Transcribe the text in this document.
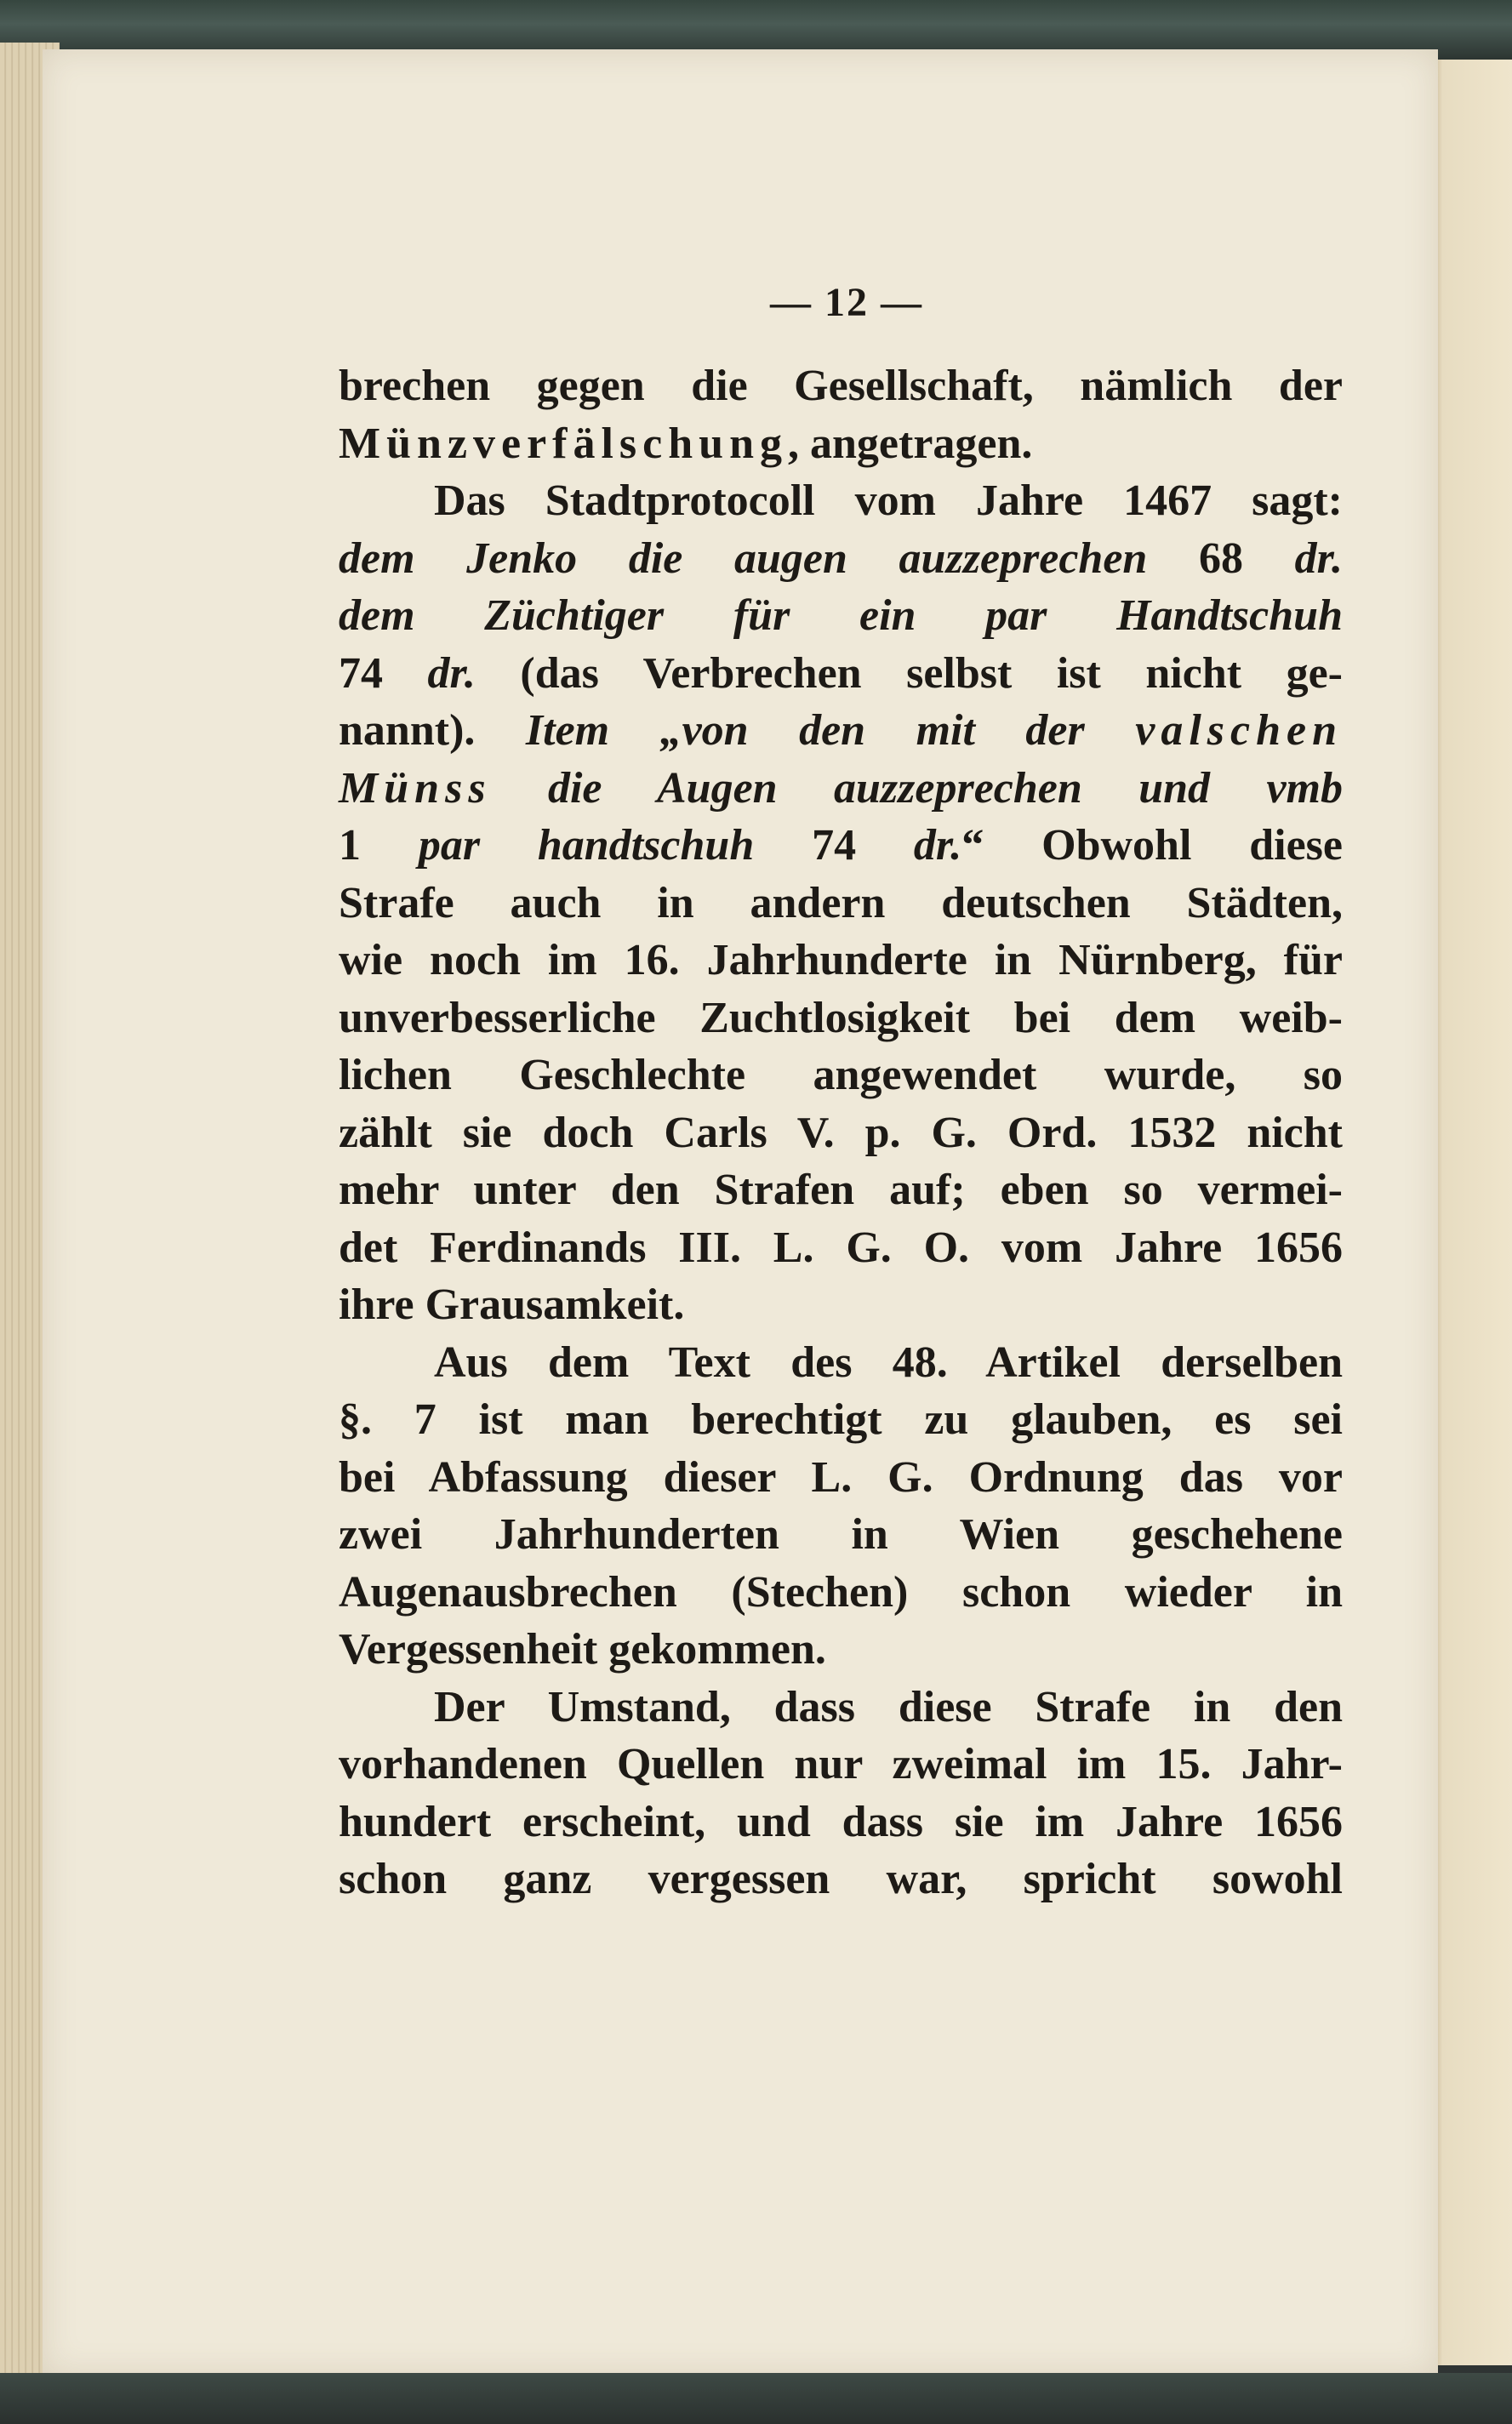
— 12 —
brechen gegen die Gesellschaft, nämlich der
Münzverfälschung, angetragen.
Das Stadtprotocoll vom Jahre 1467 sagt:
dem Jenko die augen auzzeprechen 68 dr.
dem Züchtiger für ein par Handtschuh
74 dr. (das Verbrechen selbst ist nicht ge-
nannt). Item „von den mit der valschen
Münss die Augen auzzeprechen und vmb
1 par handtschuh 74 dr.“ Obwohl diese
Strafe auch in andern deutschen Städten,
wie noch im 16. Jahrhunderte in Nürnberg, für
unverbesserliche Zuchtlosigkeit bei dem weib-
lichen Geschlechte angewendet wurde, so
zählt sie doch Carls V. p. G. Ord. 1532 nicht
mehr unter den Strafen auf; eben so vermei-
det Ferdinands III. L. G. O. vom Jahre 1656
ihre Grausamkeit.
Aus dem Text des 48. Artikel derselben
§. 7 ist man berechtigt zu glauben, es sei
bei Abfassung dieser L. G. Ordnung das vor
zwei Jahrhunderten in Wien geschehene
Augenausbrechen (Stechen) schon wieder in
Vergessenheit gekommen.
Der Umstand, dass diese Strafe in den
vorhandenen Quellen nur zweimal im 15. Jahr-
hundert erscheint, und dass sie im Jahre 1656
schon ganz vergessen war, spricht sowohl
